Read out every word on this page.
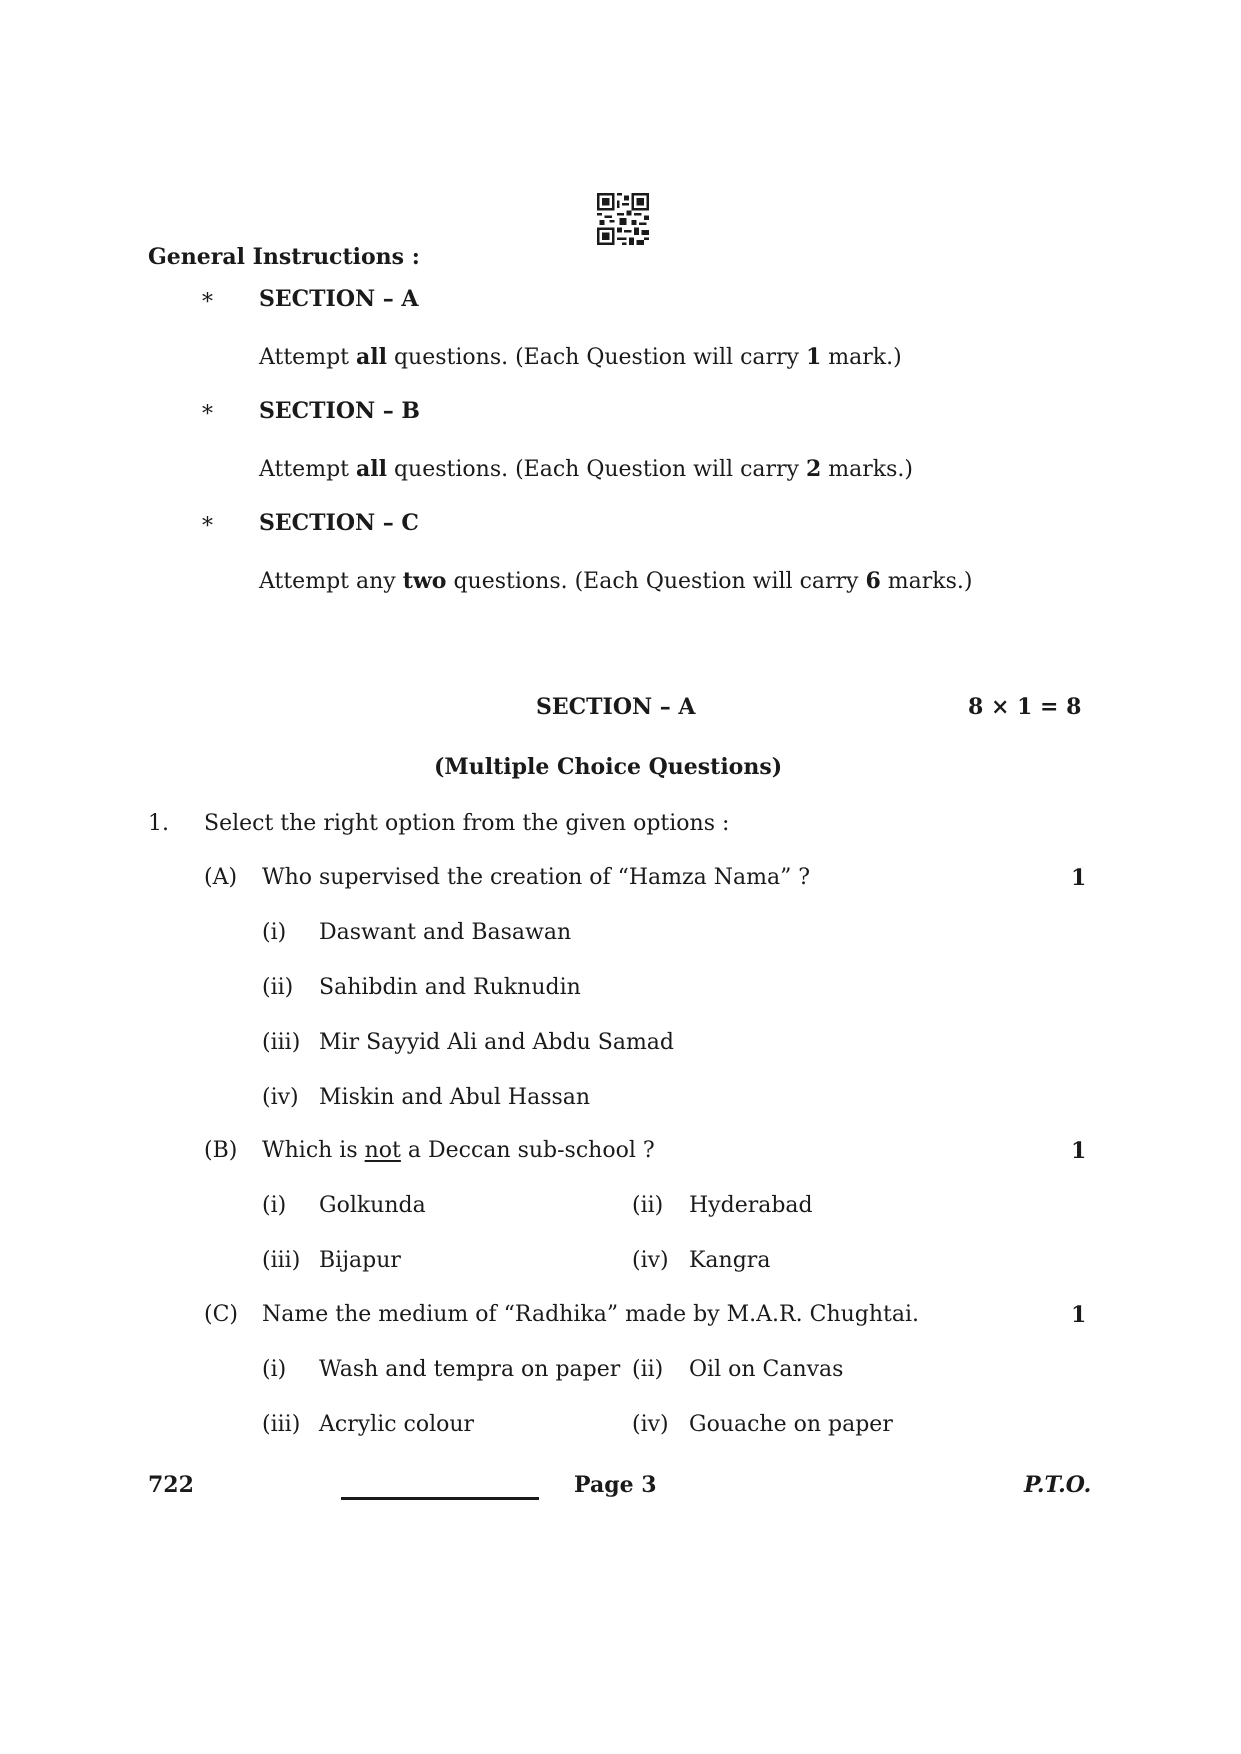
General Instructions :
* SECTION – A
Attempt all questions. (Each Question will carry 1 mark.)
* SECTION – B
Attempt all questions. (Each Question will carry 2 marks.)
* SECTION – C
Attempt any two questions. (Each Question will carry 6 marks.)
SECTION – A	8 × 1 = 8
(Multiple Choice Questions)
1. Select the right option from the given options :
(A) Who supervised the creation of “Hamza Nama” ?	1
(i) Daswant and Basawan
(ii) Sahibdin and Ruknudin
(iii) Mir Sayyid Ali and Abdu Samad
(iv) Miskin and Abul Hassan
(B) Which is not a Deccan sub-school ?	1
(i) Golkunda	(ii) Hyderabad
(iii) Bijapur	(iv) Kangra
(C) Name the medium of “Radhika” made by M.A.R. Chughtai.	1
(i) Wash and tempra on paper (ii) Oil on Canvas
(iii) Acrylic colour	(iv) Gouache on paper
722	Page 3	P.T.O.
